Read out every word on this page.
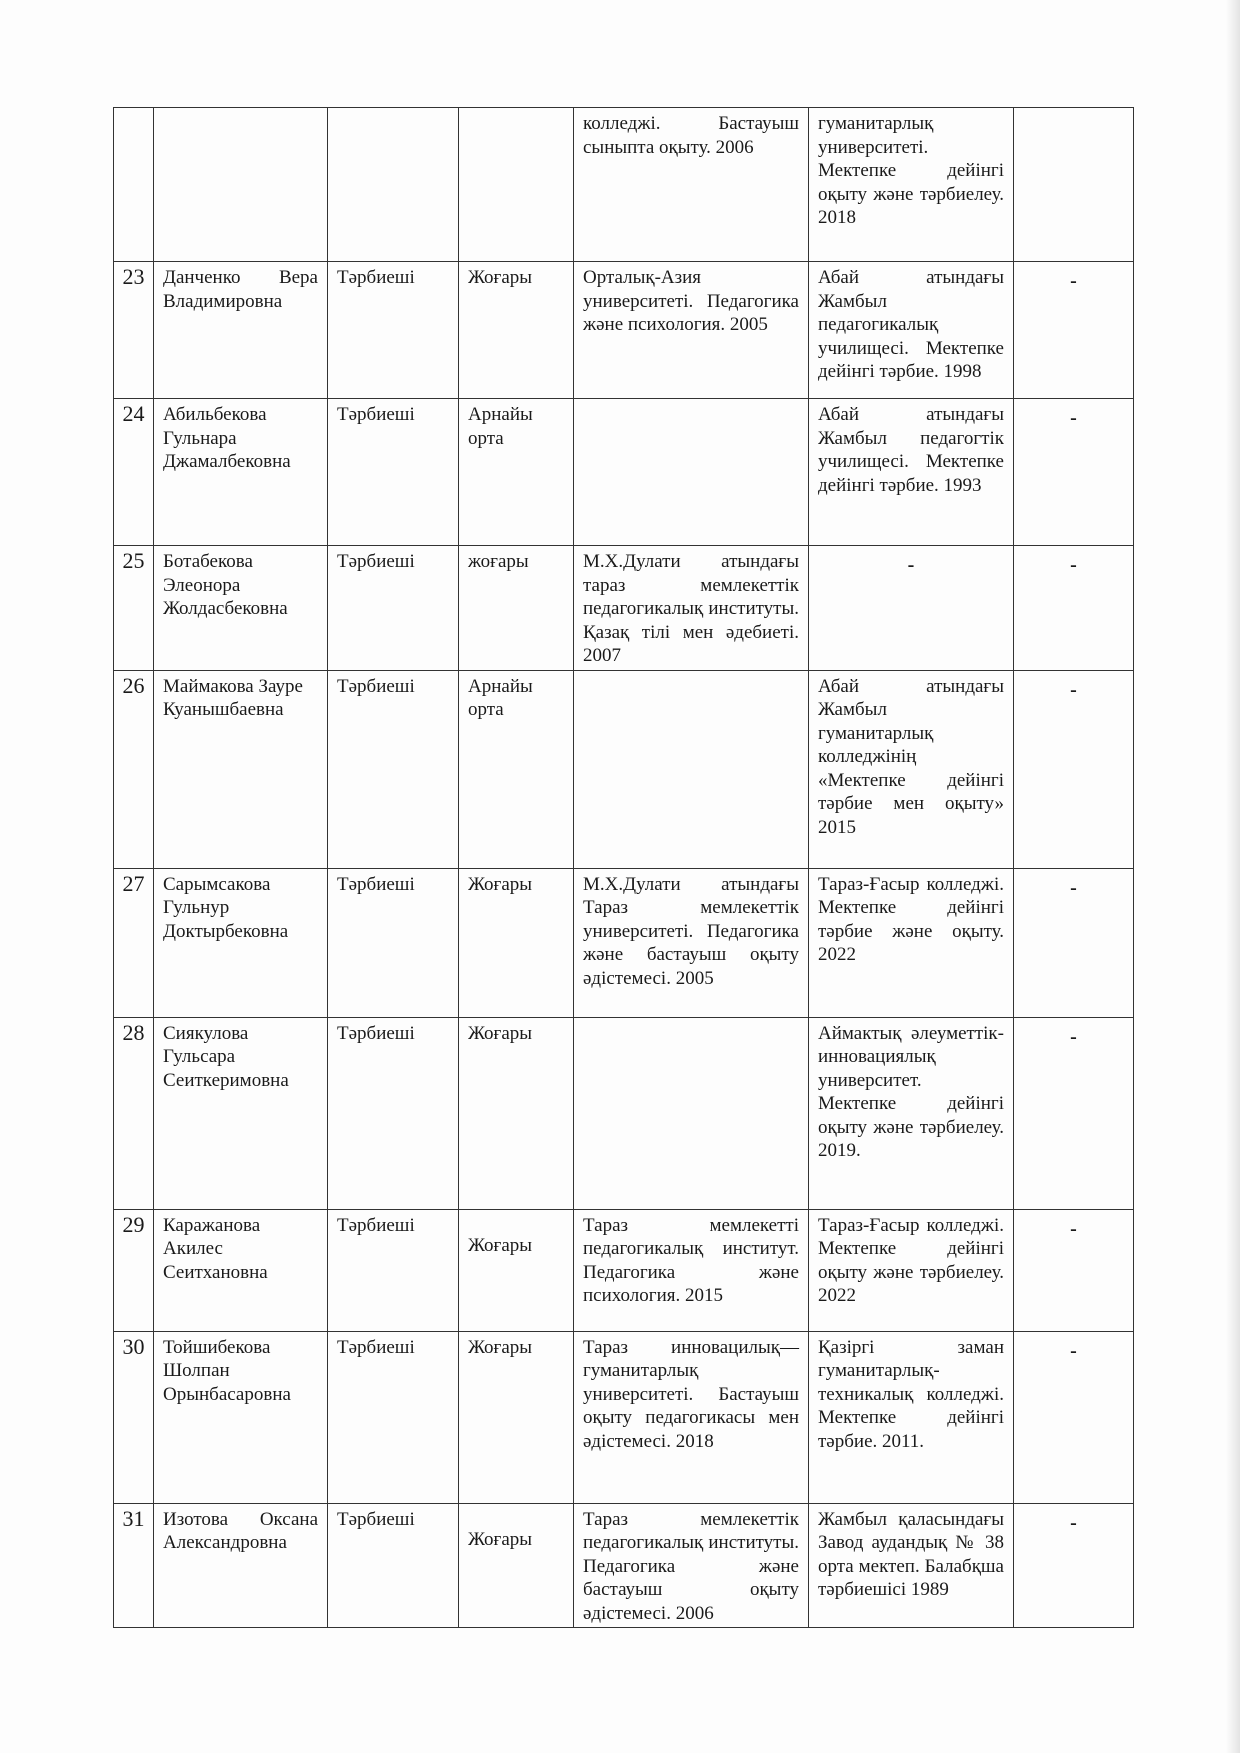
				колледжі. Бастауыш сыныпта оқыту. 2006	гуманитарлық университеті. Мектепке дейінгі оқыту және тәрбиелеу. 2018	
23	Данченко Вера Владимировна	Тәрбиеші	Жоғары	Орталық-Азия университеті. Педагогика және психология. 2005	Абай атындағы Жамбыл педагогикалық училищесі. Мектепке дейінгі тәрбие. 1998	-
24	Абильбекова Гульнара Джамалбековна	Тәрбиеші	Арнайы орта		Абай атындағы Жамбыл педагогтік училищесі. Мектепке дейінгі тәрбие. 1993	-
25	Ботабекова Элеонора Жолдасбековна	Тәрбиеші	жоғары	М.Х.Дулати атындағы тараз мемлекеттік педагогикалық институты. Қазақ тілі мен әдебиеті. 2007	-	-
26	Маймакова Зауре Куанышбаевна	Тәрбиеші	Арнайы орта		Абай атындағы Жамбыл гуманитарлық колледжінің «Мектепке дейінгі тәрбие мен оқыту» 2015	-
27	Сарымсакова Гульнур Доктырбековна	Тәрбиеші	Жоғары	М.Х.Дулати атындағы Тараз мемлекеттік университеті. Педагогика және бастауыш оқыту әдістемесі. 2005	Тараз-Ғасыр колледжі. Мектепке дейінгі тәрбие және оқыту. 2022	-
28	Сиякулова Гульсара Сеиткеримовна	Тәрбиеші	Жоғары		Аймактық әлеуметтік-инновациялық университет. Мектепке дейінгі оқыту және тәрбиелеу. 2019.	-
29	Каражанова Акилес Сеитхановна	Тәрбиеші	Жоғары	Тараз мемлекетті педагогикалық институт. Педагогика және психология. 2015	Тараз-Ғасыр колледжі. Мектепке дейінгі оқыту және тәрбиелеу. 2022	-
30	Тойшибекова Шолпан Орынбасаровна	Тәрбиеші	Жоғары	Тараз инновацилық—гуманитарлық университеті. Бастауыш оқыту педагогикасы мен әдістемесі. 2018	Қазіргі заман гуманитарлық-техникалық колледжі. Мектепке дейінгі тәрбие. 2011.	-
31	Изотова Оксана Александровна	Тәрбиеші	Жоғары	Тараз мемлекеттік педагогикалық институты. Педагогика және бастауыш оқыту әдістемесі. 2006	Жамбыл қаласындағы Завод аудандық № 38 орта мектеп. Балабқша тәрбиешісі 1989	-
